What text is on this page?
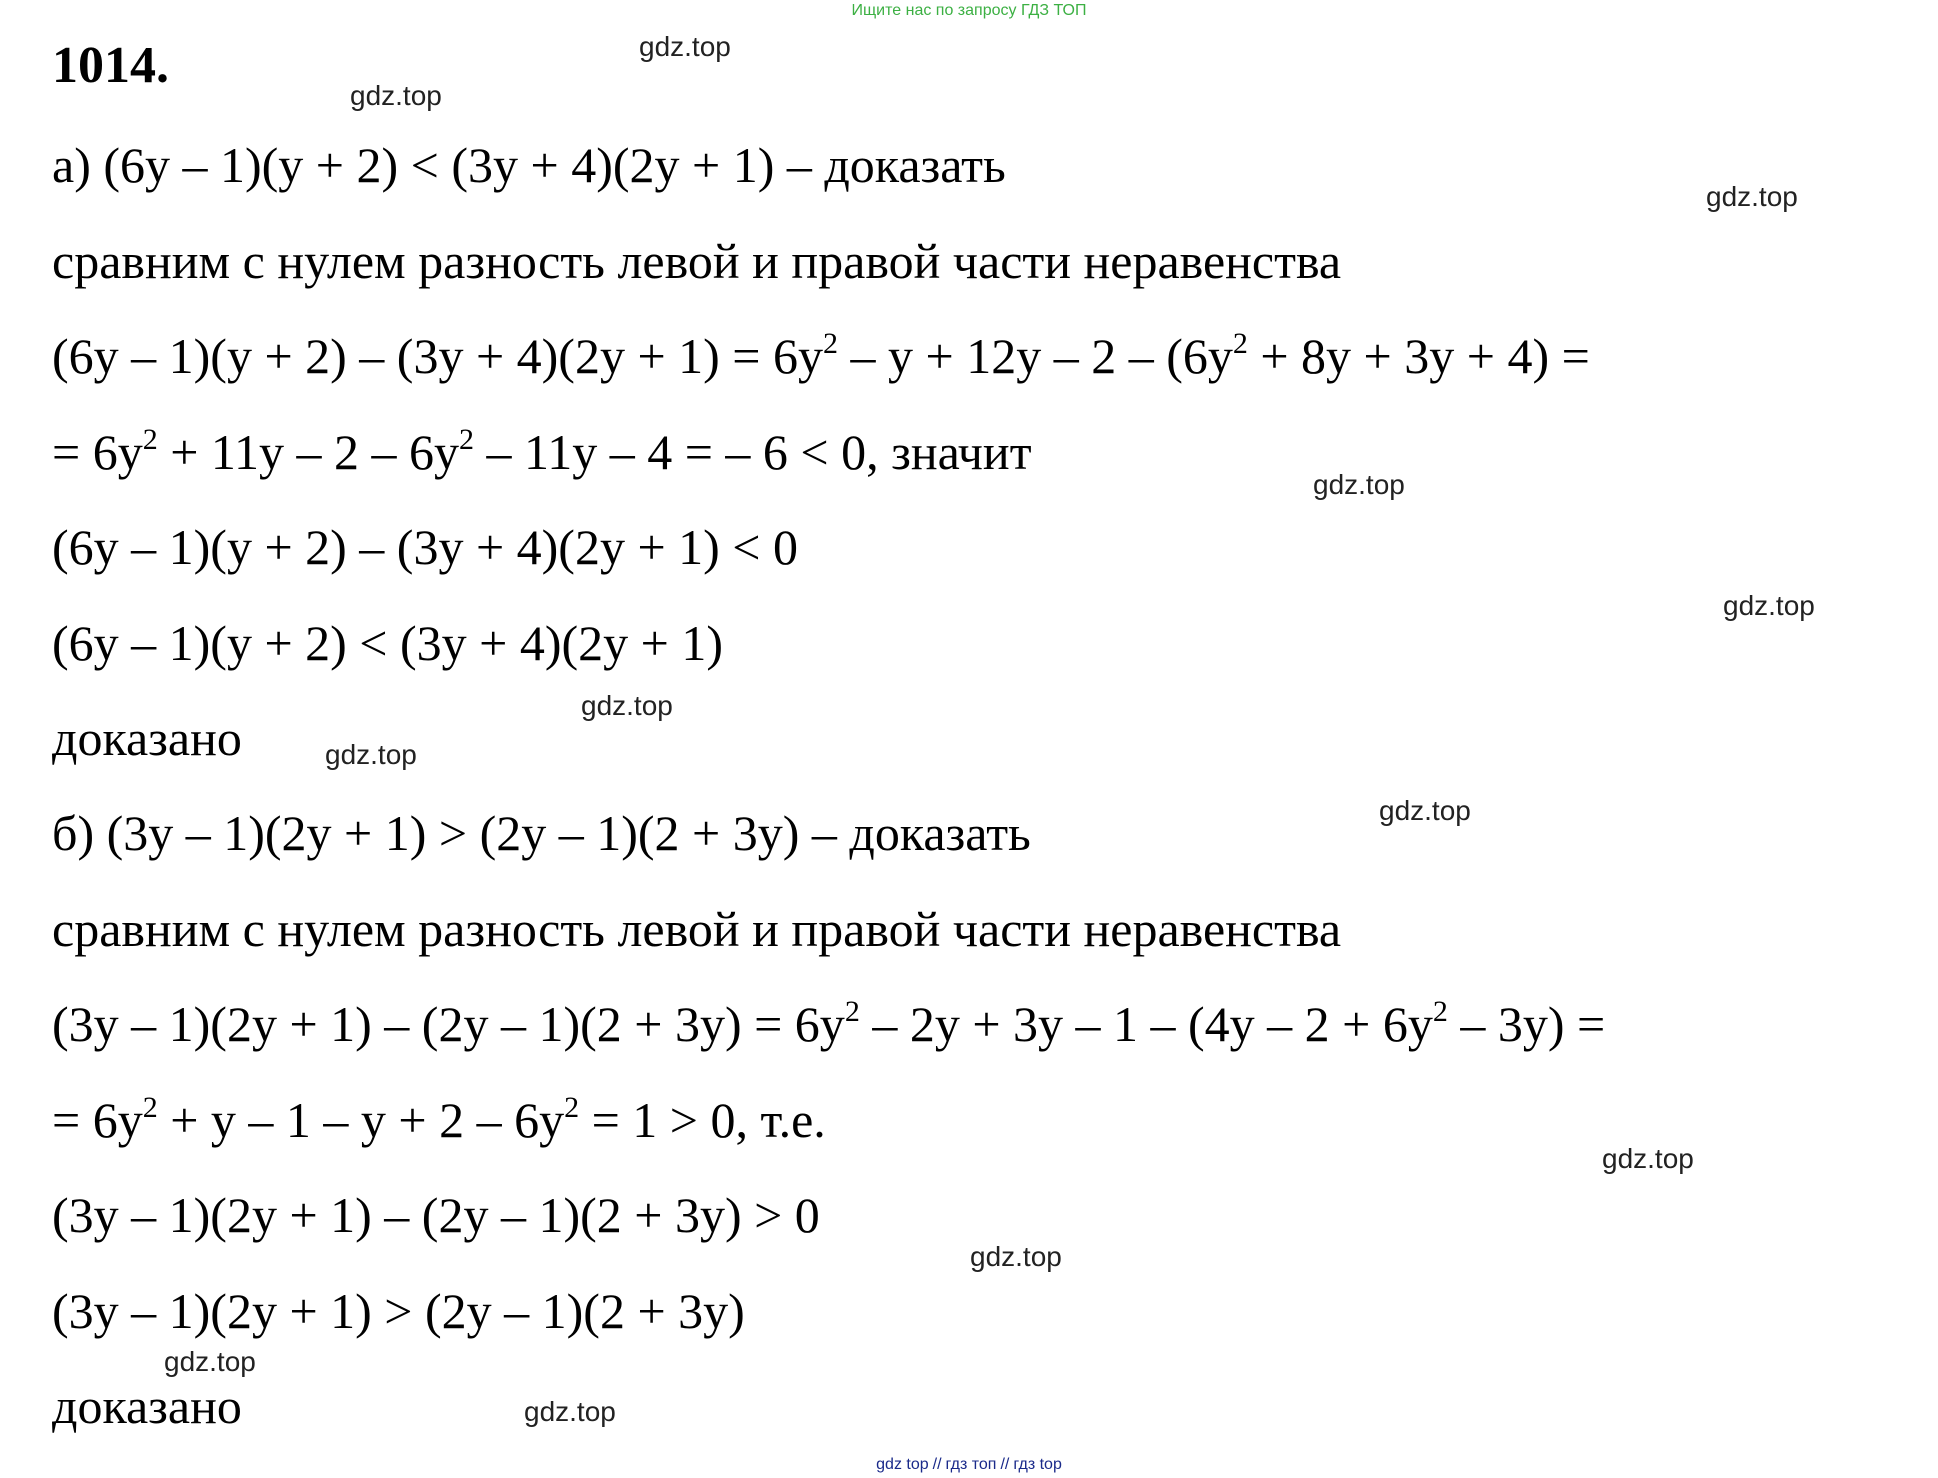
Ищите нас по запросу ГДЗ ТОП
1014.
а) (6y – 1)(y + 2) < (3y + 4)(2y + 1) – доказать
сравним с нулем разность левой и правой части неравенства
$(6y - 1)(y + 2) - (3y + 4)(2y + 1) = 6y^2 - y + 12y - 2 - (6y^2 + 8y + 3y + 4)$ =
= $6y^2 + 11y - 2 - 6y^2 - 11y - 4$ = – 6 < 0, значит
(6y – 1)(y + 2) – (3y + 4)(2y + 1) < 0
(6y – 1)(y + 2) < (3y + 4)(2y + 1)
доказано
б) (3y – 1)(2y + 1) > (2y – 1)(2 + 3y) – доказать
сравним с нулем разность левой и правой части неравенства
$(3y - 1)(2y + 1) - (2y - 1)(2 + 3y) = 6y^2 - 2y + 3y - 1 - (4y - 2 + 6y^2 - 3y)$ =
= $6y^2 + y - 1 - y + 2 - 6y^2 = 1 > 0$, т.е.
(3y – 1)(2y + 1) – (2y – 1)(2 + 3y) > 0
(3y – 1)(2y + 1) > (2y – 1)(2 + 3y)
доказано
gdz.top
gdz.top
gdz.top
gdz.top
gdz.top
gdz.top
gdz.top
gdz.top
gdz.top
gdz.top
gdz.top
gdz.top
gdz top // гдз топ // гдз top
